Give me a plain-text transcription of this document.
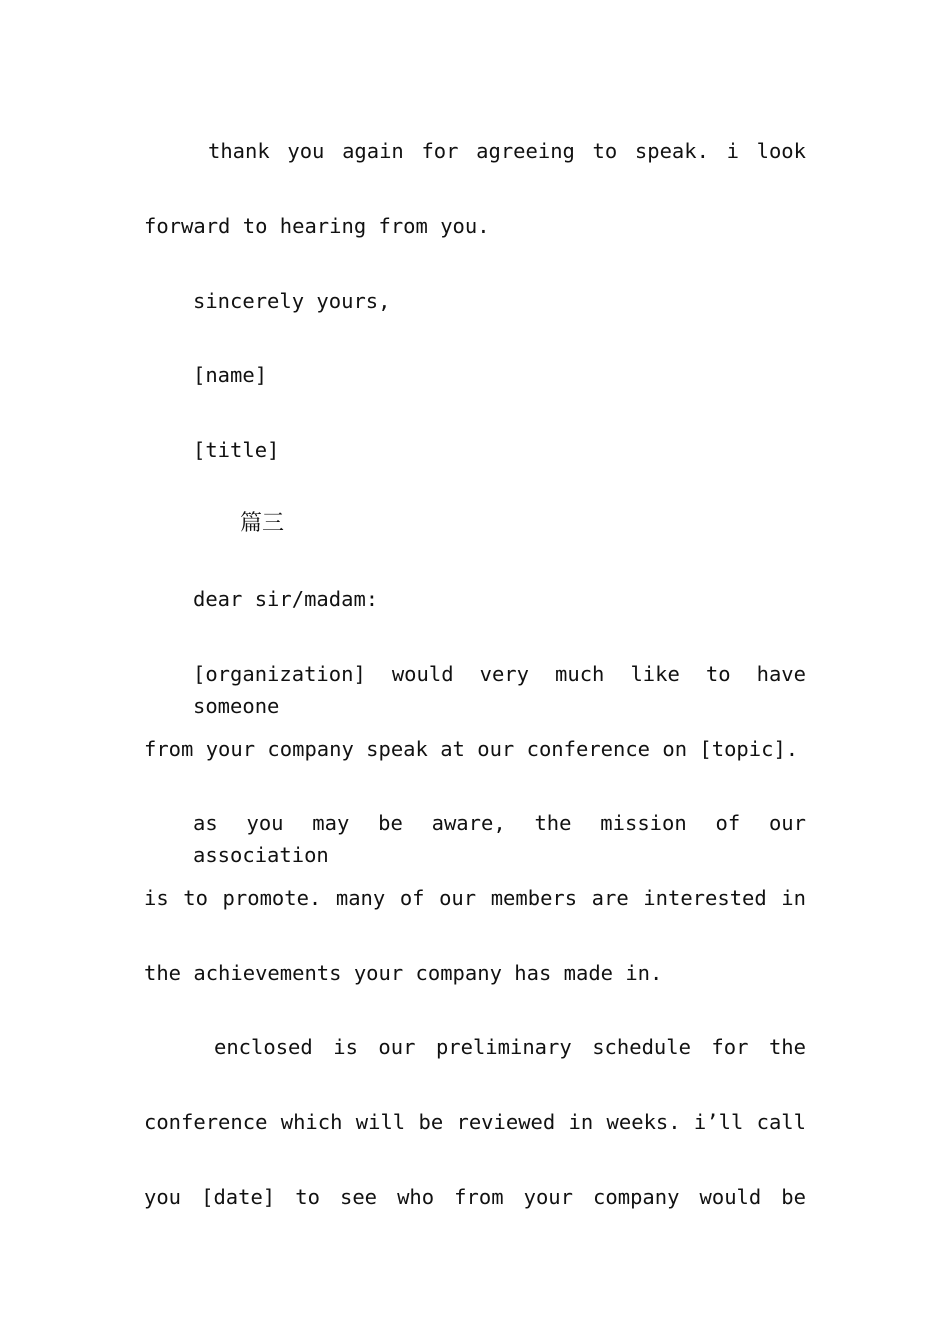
thank you again for agreeing to speak. i look
forward to hearing from you.
sincerely yours,
[name]
[title]
篇三
dear sir/madam:
[organization] would very much like to have someone
from your company speak at our conference on [topic].
as you may be aware, the mission of our association
is to promote. many of our members are interested in
the achievements your company has made in.
enclosed is our preliminary schedule for the
conference which will be reviewed in weeks. i’ll call
you [date] to see who from your company would be
